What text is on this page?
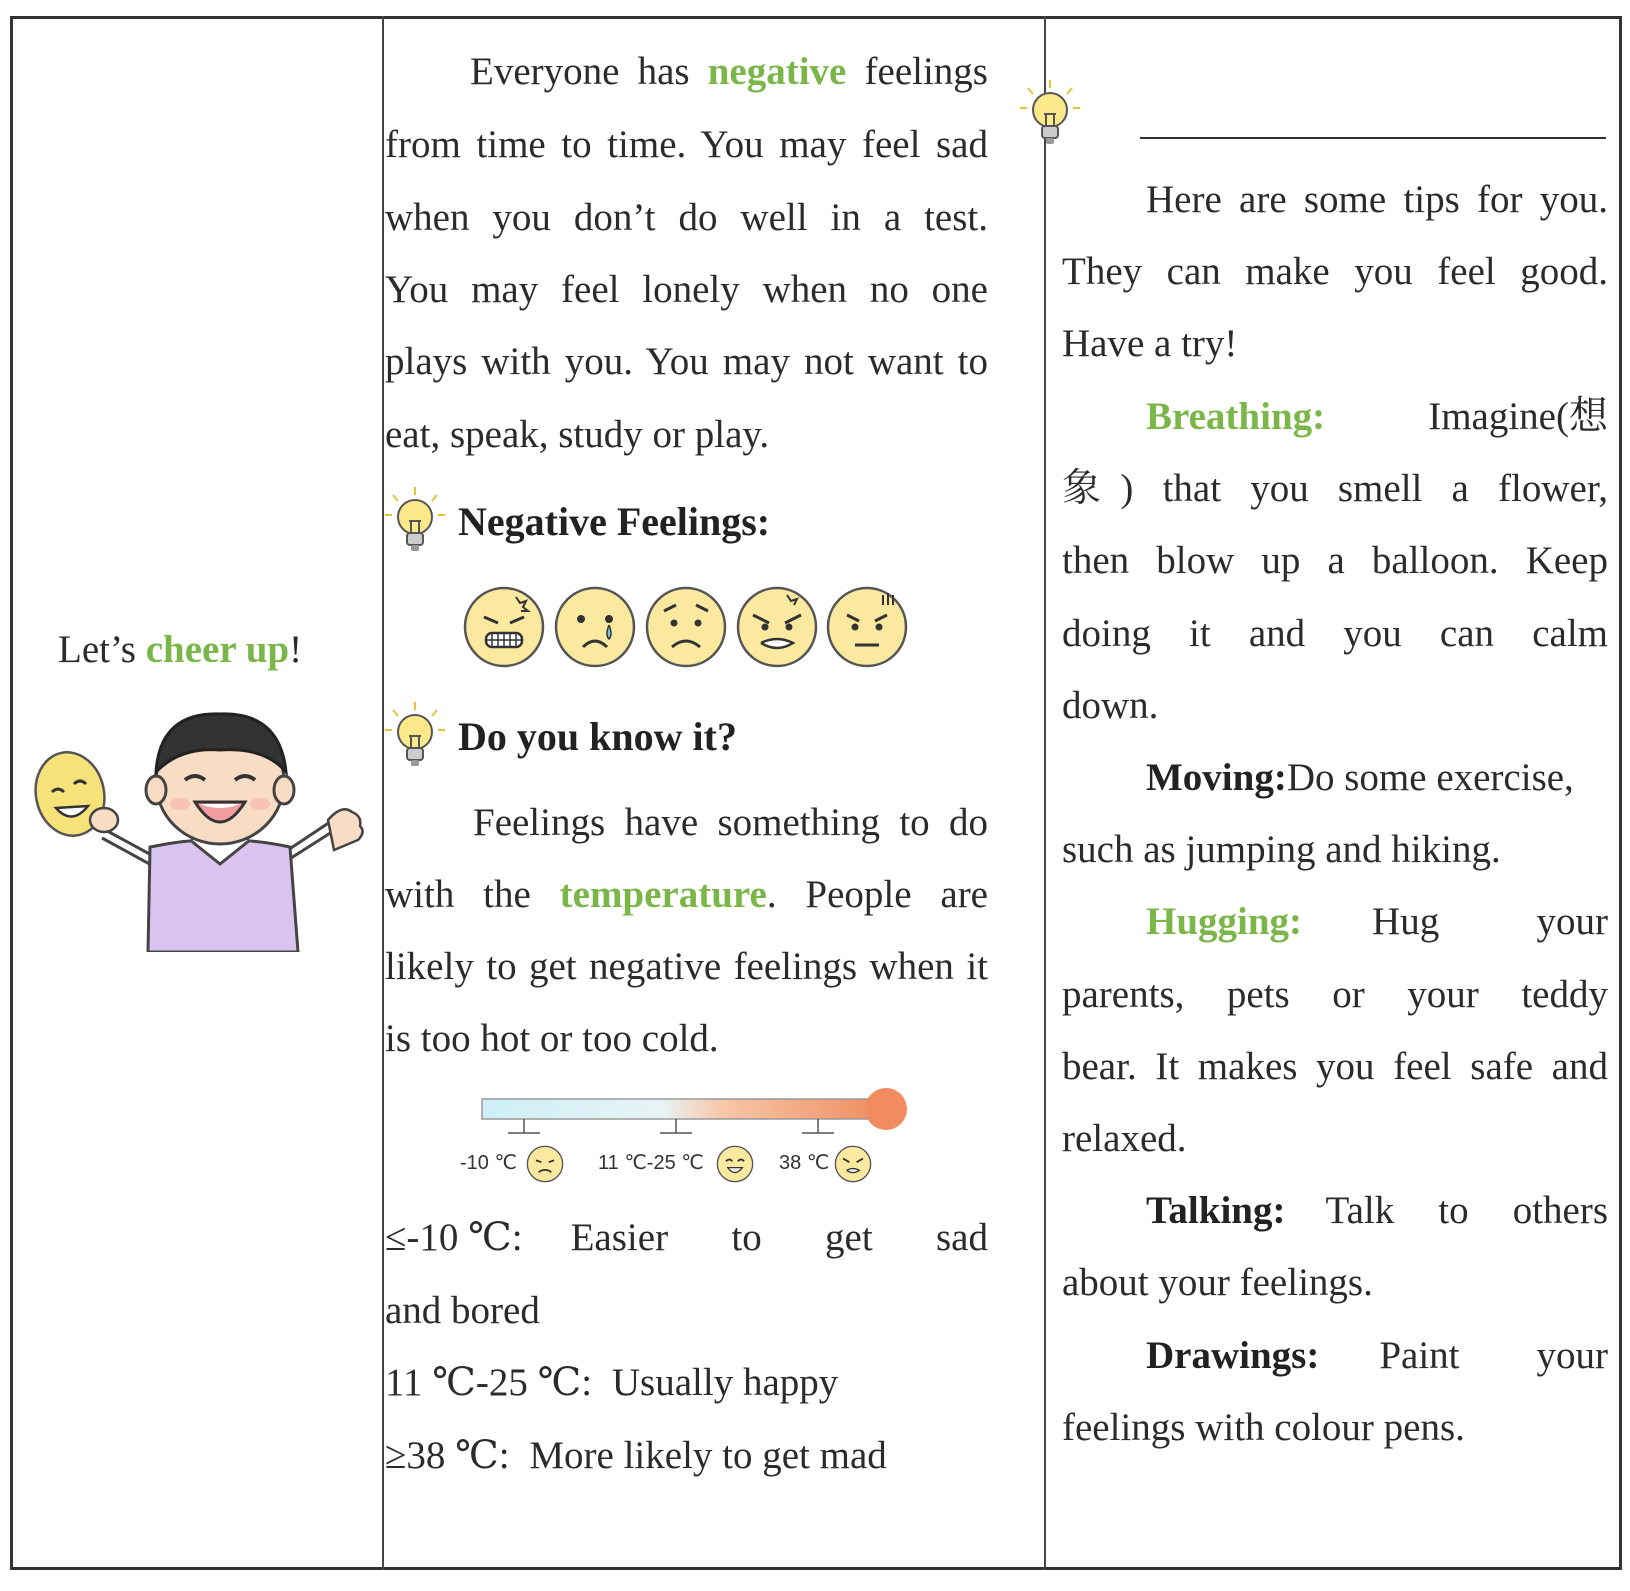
Let’s cheer up!
Everyone has negative feelings
from time to time. You may feel sad
when you don’t do well in a test.
You may feel lonely when no one
plays with you. You may not want to
eat, speak, study or play.
Negative Feelings:
Do you know it?
Feelings have something to do
with the temperature. People are
likely to get negative feelings when it
is too hot or too cold.
-10 ℃	11 ℃-25 ℃	38 ℃
≤-10 ℃: Easier to get sad
and bored
11 ℃-25 ℃: Usually happy
≥38 ℃: More likely to get mad
Here are some tips for you.
They can make you feel good.
Have a try!
Breathing:	Imagine(想
象) that you smell a flower,
then blow up a balloon. Keep
doing it and you can calm
down.
Moving:Do some exercise,
such as jumping and hiking.
Hugging: Hug your
parents, pets or your teddy
bear. It makes you feel safe and
relaxed.
Talking: Talk to others
about your feelings.
Drawings: Paint your
feelings with colour pens.
